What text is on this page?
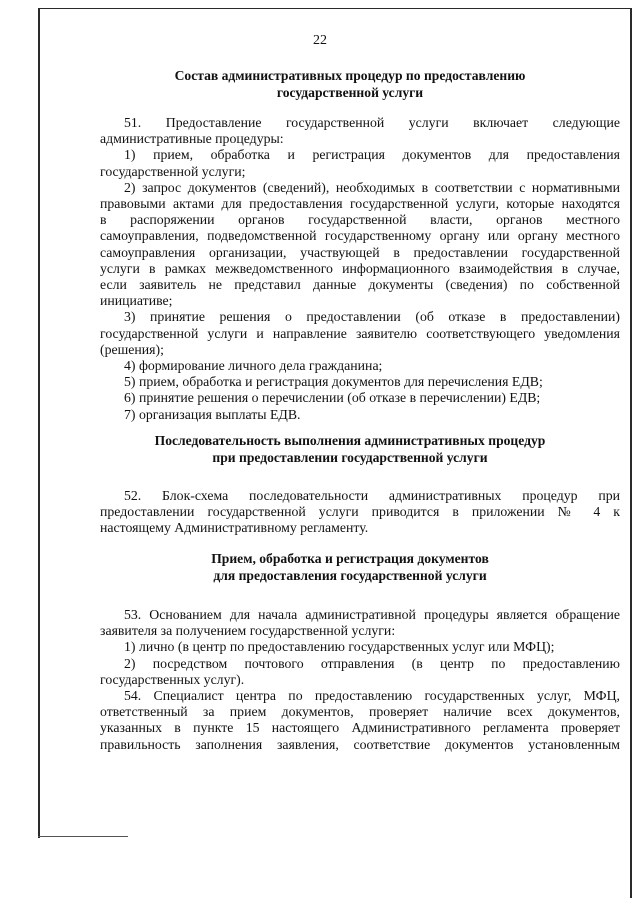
22
Состав административных процедур по предоставлению
государственной услуги

51. Предоставление государственной услуги включает следующие

административные процедуры:

1) прием, обработка и регистрация документов для предоставления

государственной услуги;

2) запрос документов (сведений), необходимых в соответствии с нормативными

правовыми актами для предоставления государственной услуги, которые находятся

в распоряжении органов государственной власти, органов местного

самоуправления, подведомственной государственному органу или органу местного

самоуправления организации, участвующей в предоставлении государственной

услуги в рамках межведомственного информационного взаимодействия в случае,

если заявитель не представил данные документы (сведения) по собственной

инициативе;

3) принятие решения о предоставлении (об отказе в предоставлении)

государственной услуги и направление заявителю соответствующего уведомления

(решения);

4) формирование личного дела гражданина;

5) прием, обработка и регистрация документов для перечисления ЕДВ;

6) принятие решения о перечислении (об отказе в перечислении) ЕДВ;

7) организация выплаты ЕДВ.

Последовательность выполнения административных процедур
при предоставлении государственной услуги

52. Блок-схема последовательности административных процедур при

предоставлении государственной услуги приводится в приложении № 4 к

настоящему Административному регламенту.

Прием, обработка и регистрация документов
для предоставления государственной услуги

53. Основанием для начала административной процедуры является обращение

заявителя за получением государственной услуги:

1) лично (в центр по предоставлению государственных услуг или МФЦ);

2) посредством почтового отправления (в центр по предоставлению

государственных услуг).

54. Специалист центра по предоставлению государственных услуг, МФЦ,

ответственный за прием документов, проверяет наличие всех документов,

указанных в пункте 15 настоящего Административного регламента проверяет

правильность заполнения заявления, соответствие документов установленным
